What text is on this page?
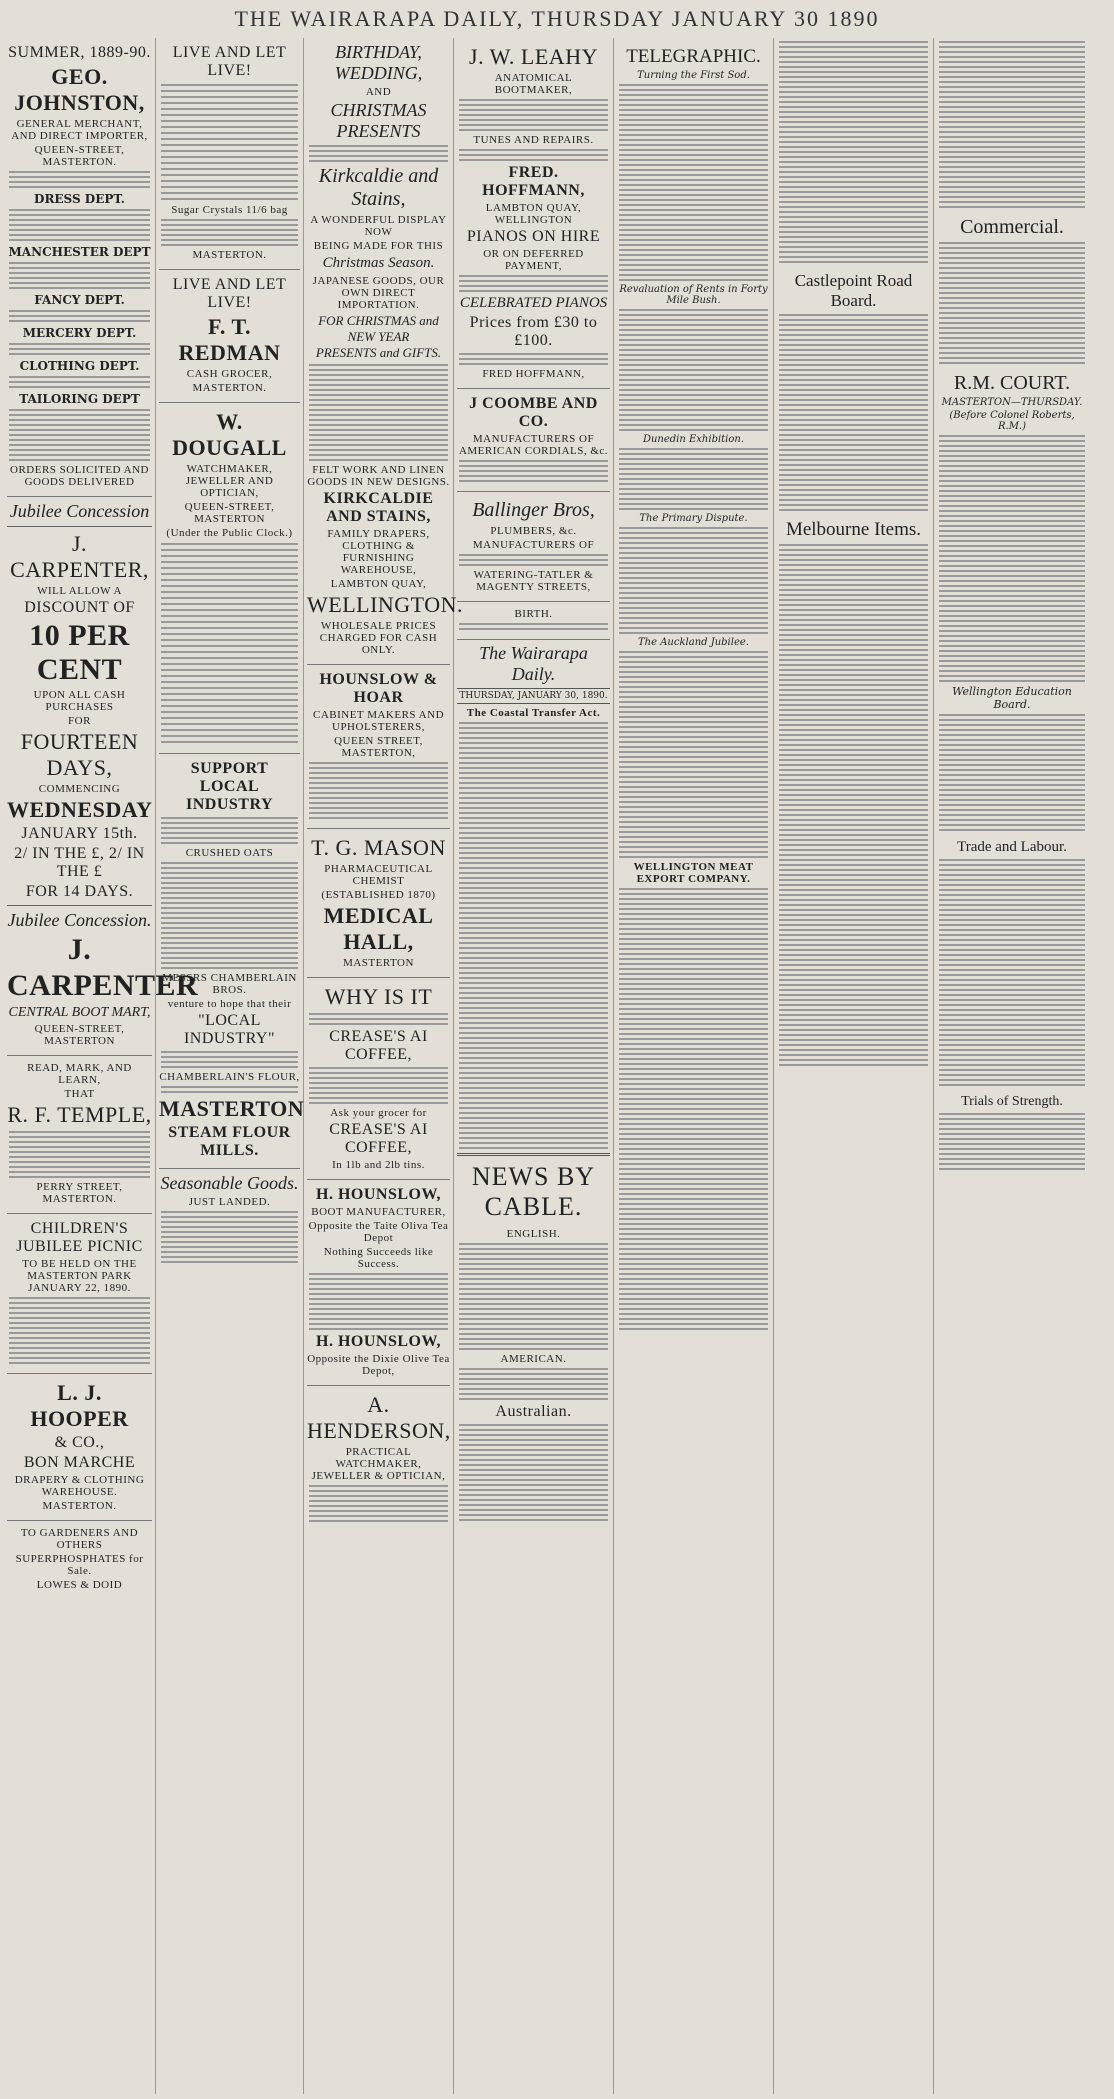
THE WAIRARAPA DAILY, THURSDAY JANUARY 30 1890
SUMMER, 1889-90.
GEO. JOHNSTON,
GENERAL MERCHANT, AND DIRECT IMPORTER,
QUEEN-STREET, MASTERTON.
DRESS DEPT.
MANCHESTER DEPT
FANCY DEPT.
MERCERY DEPT.
CLOTHING DEPT.
TAILORING DEPT
ORDERS SOLICITED AND GOODS DELIVERED
Jubilee Concession
J. CARPENTER,
WILL ALLOW A
DISCOUNT OF
10 PER CENT
UPON ALL CASH PURCHASES
FOR
FOURTEEN DAYS,
COMMENCING
WEDNESDAY
JANUARY 15th.
2/ IN THE £, 2/ IN THE £
FOR 14 DAYS.
Jubilee Concession.
J.
CARPENTER
CENTRAL BOOT MART,
QUEEN-STREET, MASTERTON
READ, MARK, AND LEARN,
THAT
R. F. TEMPLE,
PERRY STREET, MASTERTON.
CHILDREN'S JUBILEE PICNIC
TO BE HELD ON THE MASTERTON PARK JANUARY 22, 1890.
L. J. HOOPER
& CO.,
BON MARCHE
DRAPERY & CLOTHING WAREHOUSE.
MASTERTON.
TO GARDENERS AND OTHERS
SUPERPHOSPHATES for Sale.
LOWES & DOID
LIVE AND LET LIVE!
Sugar Crystals 11/6 bag
MASTERTON.
LIVE AND LET LIVE!
F. T. REDMAN
CASH GROCER,
MASTERTON.
W. DOUGALL
WATCHMAKER, JEWELLER AND OPTICIAN,
QUEEN-STREET, MASTERTON
(Under the Public Clock.)
SUPPORT LOCAL INDUSTRY
CRUSHED OATS
MESSRS CHAMBERLAIN BROS.
venture to hope that their
"LOCAL INDUSTRY"
CHAMBERLAIN'S FLOUR,
MASTERTON
STEAM FLOUR MILLS.
Seasonable Goods.
JUST LANDED.
BIRTHDAY, WEDDING,
AND
CHRISTMAS PRESENTS
Kirkcaldie and Stains,
A WONDERFUL DISPLAY NOW
BEING MADE FOR THIS
Christmas Season.
JAPANESE GOODS, OUR OWN DIRECT IMPORTATION.
FOR CHRISTMAS and NEW YEAR
PRESENTS and GIFTS.
FELT WORK AND LINEN GOODS IN NEW DESIGNS.
KIRKCALDIE AND STAINS,
FAMILY DRAPERS, CLOTHING & FURNISHING WAREHOUSE,
LAMBTON QUAY,
WELLINGTON.
WHOLESALE PRICES CHARGED FOR CASH ONLY.
HOUNSLOW & HOAR
CABINET MAKERS AND UPHOLSTERERS,
QUEEN STREET, MASTERTON,
T. G. MASON
PHARMACEUTICAL CHEMIST
(ESTABLISHED 1870)
MEDICAL HALL,
MASTERTON
WHY IS IT
CREASE'S AI COFFEE,
Ask your grocer for
CREASE'S AI COFFEE,
In 1lb and 2lb tins.
H. HOUNSLOW,
BOOT MANUFACTURER,
Opposite the Taite Oliva Tea Depot
Nothing Succeeds like Success.
H. HOUNSLOW,
Opposite the Dixie Olive Tea Depot,
A. HENDERSON,
PRACTICAL WATCHMAKER, JEWELLER & OPTICIAN,
J. W. LEAHY
ANATOMICAL BOOTMAKER,
TUNES AND REPAIRS.
FRED. HOFFMANN,
LAMBTON QUAY, WELLINGTON
PIANOS ON HIRE
OR ON DEFERRED PAYMENT,
CELEBRATED PIANOS
Prices from £30 to £100.
FRED HOFFMANN,
J COOMBE AND CO.
MANUFACTURERS OF AMERICAN CORDIALS, &c.
Ballinger Bros,
PLUMBERS, &c.
MANUFACTURERS OF
WATERING-TATLER & MAGENTY STREETS,
BIRTH.
The Wairarapa Daily.
THURSDAY, JANUARY 30, 1890.
The Coastal Transfer Act.
NEWS BY CABLE.
ENGLISH.
AMERICAN.
Australian.
TELEGRAPHIC.
Turning the First Sod.
Revaluation of Rents in Forty Mile Bush.
Dunedin Exhibition.
The Primary Dispute.
The Auckland Jubilee.
WELLINGTON MEAT EXPORT COMPANY.
Castlepoint Road Board.
Melbourne Items.
Commercial.
R.M. COURT.
MASTERTON—THURSDAY.
(Before Colonel Roberts, R.M.)
Wellington Education Board.
Trade and Labour.
Trials of Strength.
